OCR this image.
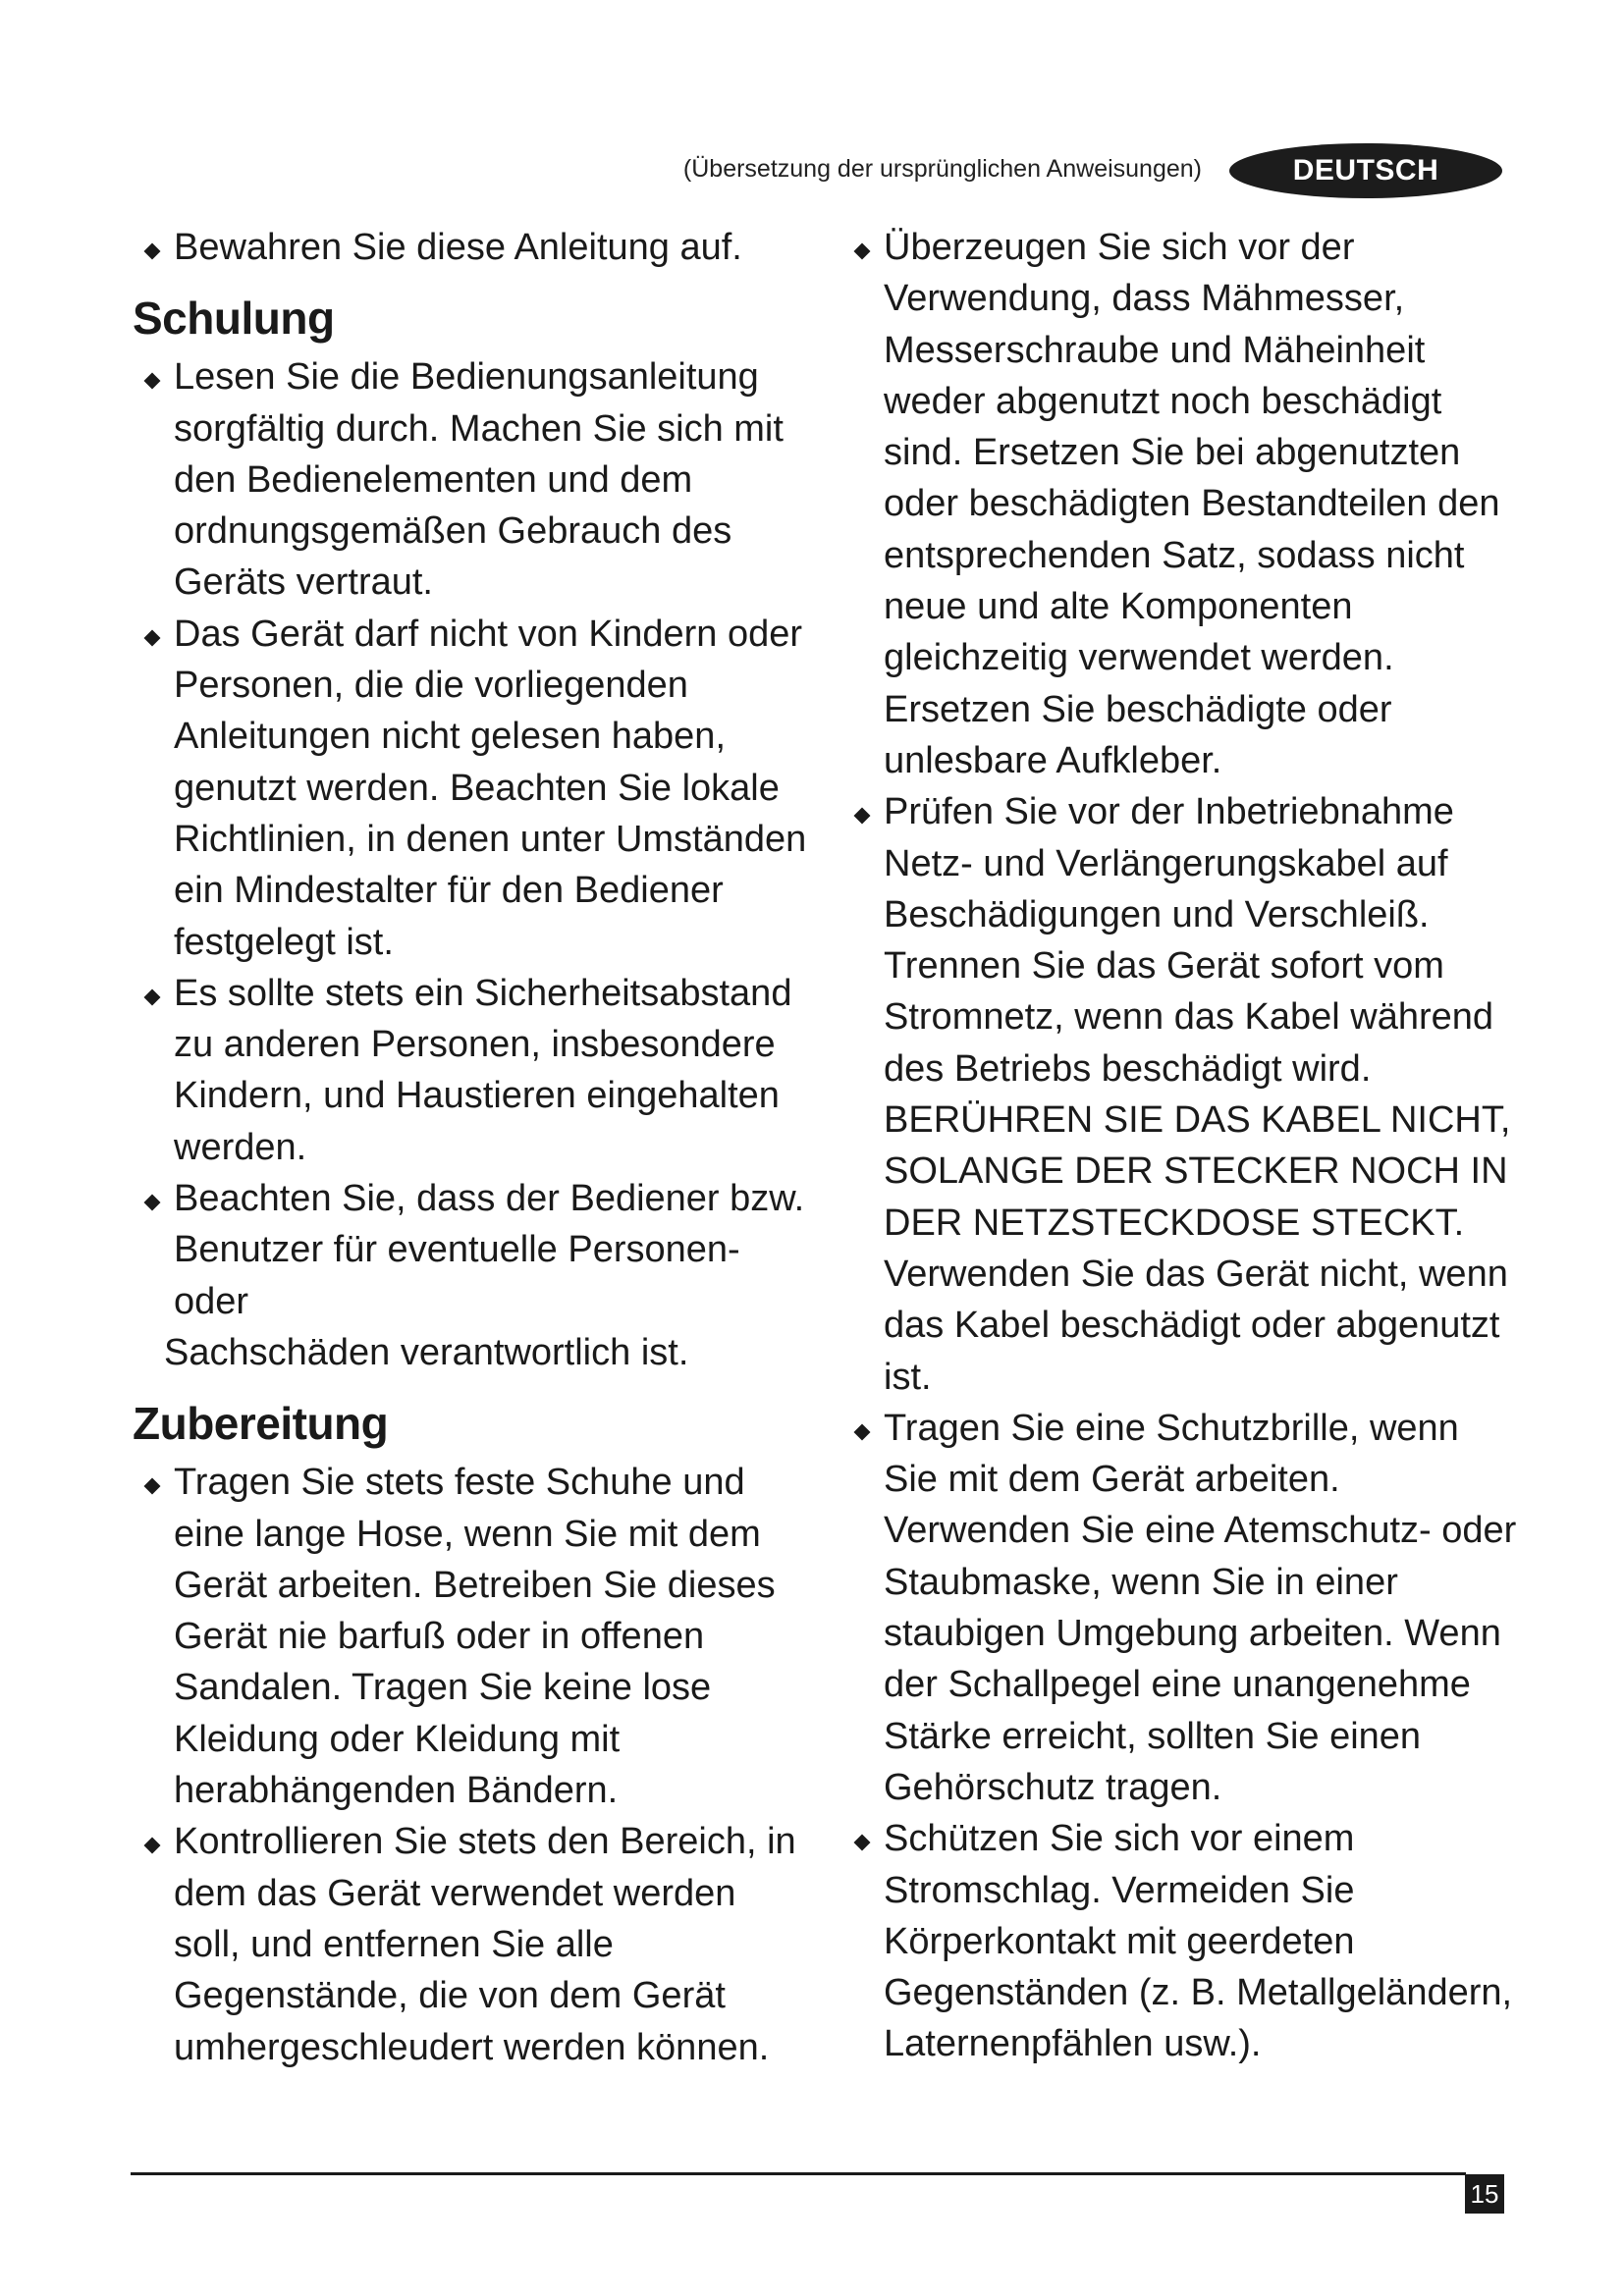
(Übersetzung der ursprünglichen Anweisungen)	DEUTSCH

Bewahren Sie diese Anleitung auf.

Schulung

Lesen Sie die Bedienungsanleitung sorgfältig durch. Machen Sie sich mit den Bedienelementen und dem ordnungsgemäßen Gebrauch des Geräts vertraut.

Das Gerät darf nicht von Kindern oder Personen, die die vorliegenden Anleitungen nicht gelesen haben, genutzt werden. Beachten Sie lokale Richtlinien, in denen unter Umständen ein Mindestalter für den Bediener festgelegt ist.

Es sollte stets ein Sicherheitsabstand zu anderen Personen, insbesondere Kindern, und Haustieren eingehalten werden.

Beachten Sie, dass der Bediener bzw. Benutzer für eventuelle Personen- oder
Sachschäden verantwortlich ist.

Zubereitung

Tragen Sie stets feste Schuhe und eine lange Hose, wenn Sie mit dem Gerät arbeiten. Betreiben Sie dieses Gerät nie barfuß oder in offenen Sandalen. Tragen Sie keine lose Kleidung oder Kleidung mit herabhängenden Bändern.

Kontrollieren Sie stets den Bereich, in dem das Gerät verwendet werden soll, und entfernen Sie alle Gegenstände, die von dem Gerät umhergeschleudert werden können.

Überzeugen Sie sich vor der Verwendung, dass Mähmesser, Messerschraube und Mäheinheit weder abgenutzt noch beschädigt sind. Ersetzen Sie bei abgenutzten oder beschädigten Bestandteilen den entsprechenden Satz, sodass nicht neue und alte Komponenten gleichzeitig verwendet werden. Ersetzen Sie beschädigte oder unlesbare Aufkleber.

Prüfen Sie vor der Inbetriebnahme Netz- und Verlängerungskabel auf Beschädigungen und Verschleiß. Trennen Sie das Gerät sofort vom Stromnetz, wenn das Kabel während des Betriebs beschädigt wird. BERÜHREN SIE DAS KABEL NICHT, SOLANGE DER STECKER NOCH IN DER NETZSTECKDOSE STECKT. Verwenden Sie das Gerät nicht, wenn das Kabel beschädigt oder abgenutzt ist.

Tragen Sie eine Schutzbrille, wenn Sie mit dem Gerät arbeiten. Verwenden Sie eine Atemschutz- oder Staubmaske, wenn Sie in einer staubigen Umgebung arbeiten. Wenn der Schallpegel eine unangenehme Stärke erreicht, sollten Sie einen Gehörschutz tragen.

Schützen Sie sich vor einem Stromschlag. Vermeiden Sie Körperkontakt mit geerdeten Gegenständen (z. B. Metallgeländern, Laternenpfählen usw.).

15
